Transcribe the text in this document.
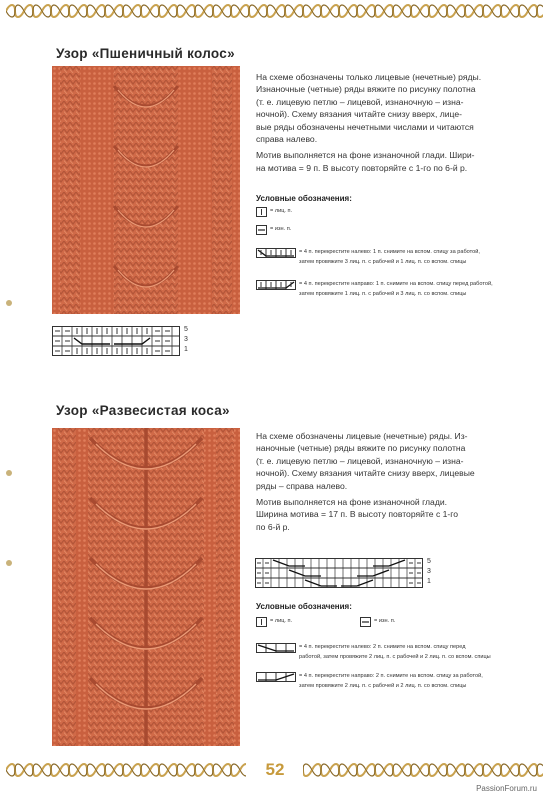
Узор «Пшеничный колос»
На схеме обозначены только лицевые (нечетные) ряды.
Изнаночные (четные) ряды вяжите по рисунку полотна
(т. е. лицевую петлю – лицевой, изнаночную – изна-
ночной). Схему вязания читайте снизу вверх, лице-
вые ряды обозначены нечетными числами и читаются
справа налево.
Мотив выполняется на фоне изнаночной глади. Шири-
на мотива = 9 п. В высоту повторяйте с 1-го по 6-й р.
Условные обозначения:
= лиц. п.
= изн. п.
= 4 п. перекрестите налево: 1 п. снимите на вспом. спицу за работой,
затем провяжите 3 лиц. п. с рабочей и 1 лиц. п. со вспом. спицы
= 4 п. перекрестите направо: 1 п. снимите на вспом. спицу перед работой,
затем провяжите 1 лиц. п. с рабочей и 3 лиц. п. со вспом. спицы
5
3
1
Узор «Развесистая коса»
На схеме обозначены лицевые (нечетные) ряды. Из-
наночные (четные) ряды вяжите по рисунку полотна
(т. е. лицевую петлю – лицевой, изнаночную – изна-
ночной). Схему вязания читайте снизу вверх, лицевые
ряды – справа налево.
Мотив выполняется на фоне изнаночной глади.
Ширина мотива = 17 п. В высоту повторяйте с 1-го
по 6-й р.
5
3
1
Условные обозначения:
= лиц. п.	= изн. п.
= 4 п. перекрестите налево: 2 п. снимите на вспом. спицу перед
работой, затем провяжите 2 лиц. п. с рабочей и 2 лиц. п. со вспом. спицы
= 4 п. перекрестите направо: 2 п. снимите на вспом. спицу за работой,
затем провяжите 2 лиц. п. с рабочей и 2 лиц. п. со вспом. спицы
52
PassionForum.ru
